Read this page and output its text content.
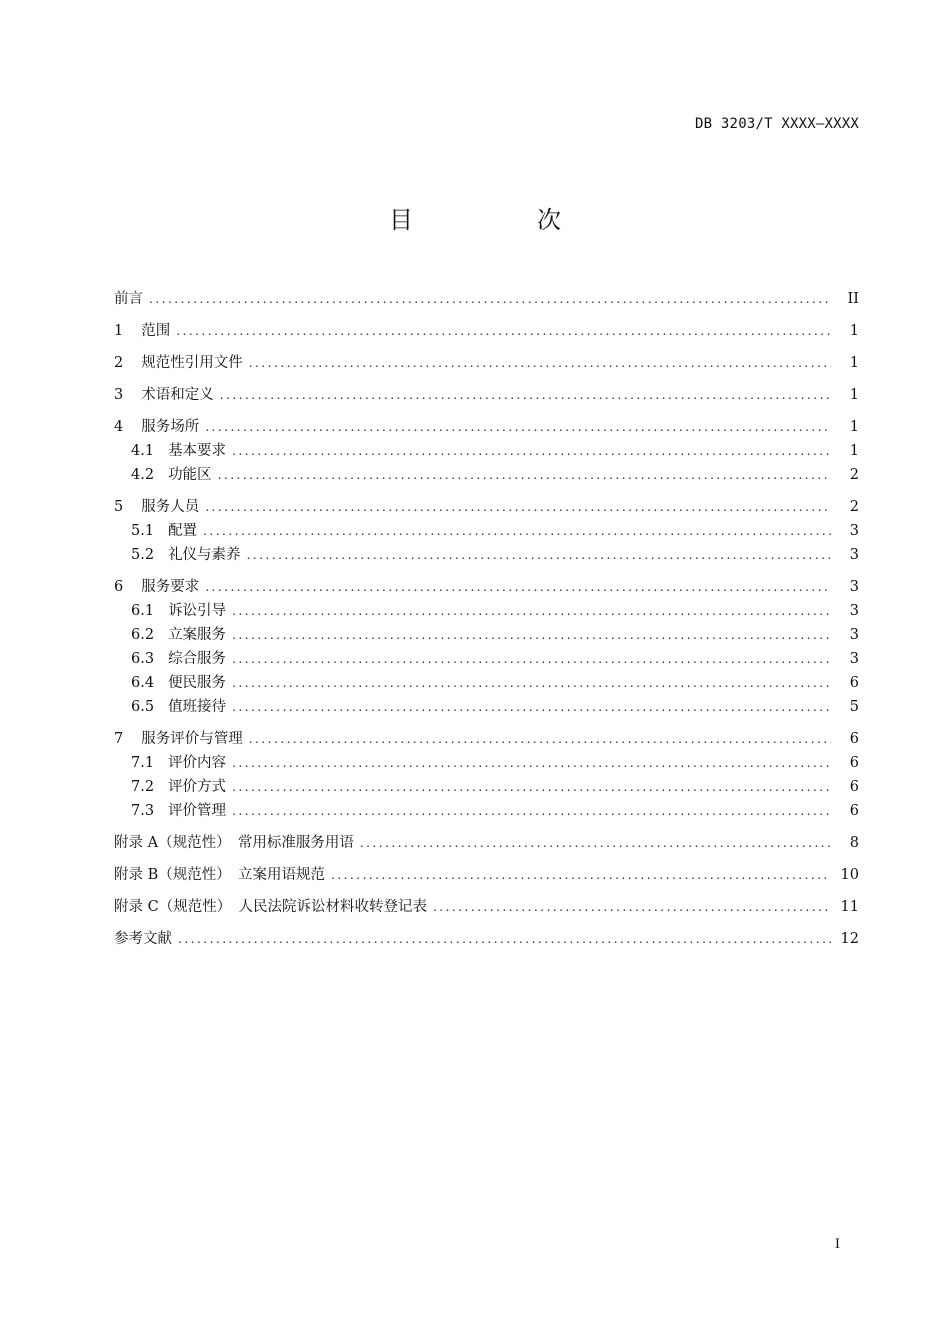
DB 3203/T XXXX—XXXX
目　次
前言 .....	II
1 范围 .....	1
2 规范性引用文件 .....	1
3 术语和定义 .....	1
4 服务场所 .....	1
4.1 基本要求 .....	1
4.2 功能区 .....	2
5 服务人员 .....	2
5.1 配置 .....	3
5.2 礼仪与素养 .....	3
6 服务要求 .....	3
6.1 诉讼引导 .....	3
6.2 立案服务 .....	3
6.3 综合服务 .....	3
6.4 便民服务 .....	6
6.5 值班接待 .....	5
7 服务评价与管理 .....	6
7.1 评价内容 .....	6
7.2 评价方式 .....	6
7.3 评价管理 .....	6
附录 A（规范性）　常用标准服务用语 .....	8
附录 B（规范性）　立案用语规范 .....	10
附录 C（规范性）　人民法院诉讼材料收转登记表 .....	11
参考文献 .....	12
I
